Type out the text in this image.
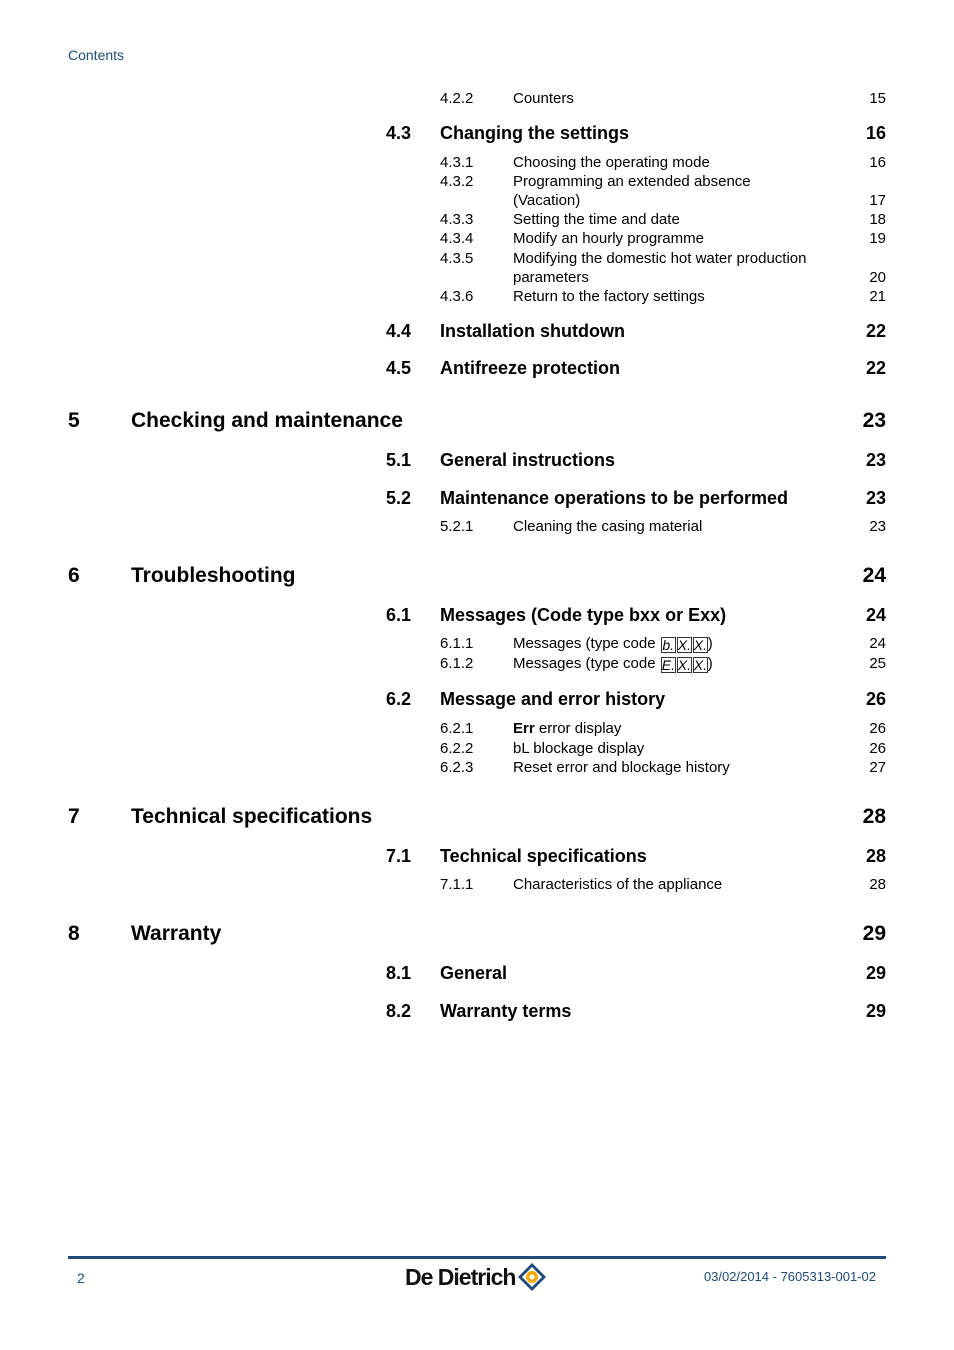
Contents
4.2.2	Counters	15
4.3	Changing the settings	16
4.3.1	Choosing the operating mode	16
4.3.2	Programming an extended absence
(Vacation)	17
4.3.3	Setting the time and date	18
4.3.4	Modify an hourly programme	19
4.3.5	Modifying the domestic hot water production
parameters	20
4.3.6	Return to the factory settings	21
4.4	Installation shutdown	22
4.5	Antifreeze protection	22
5	Checking and maintenance	23
5.1	General instructions	23
5.2	Maintenance operations to be performed	23
5.2.1	Cleaning the casing material	23
6	Troubleshooting	24
6.1	Messages (Code type bxx or Exx)	24
6.1.1	Messages (type code b. X. X.)	24
6.1.2	Messages (type code E. X. X.)	25
6.2	Message and error history	26
6.2.1	Err error display	26
6.2.2	bL blockage display	26
6.2.3	Reset error and blockage history	27
7	Technical specifications	28
7.1	Technical specifications	28
7.1.1	Characteristics of the appliance	28
8	Warranty	29
8.1	General	29
8.2	Warranty terms	29
2	De Dietrich	03/02/2014 - 7605313-001-02
